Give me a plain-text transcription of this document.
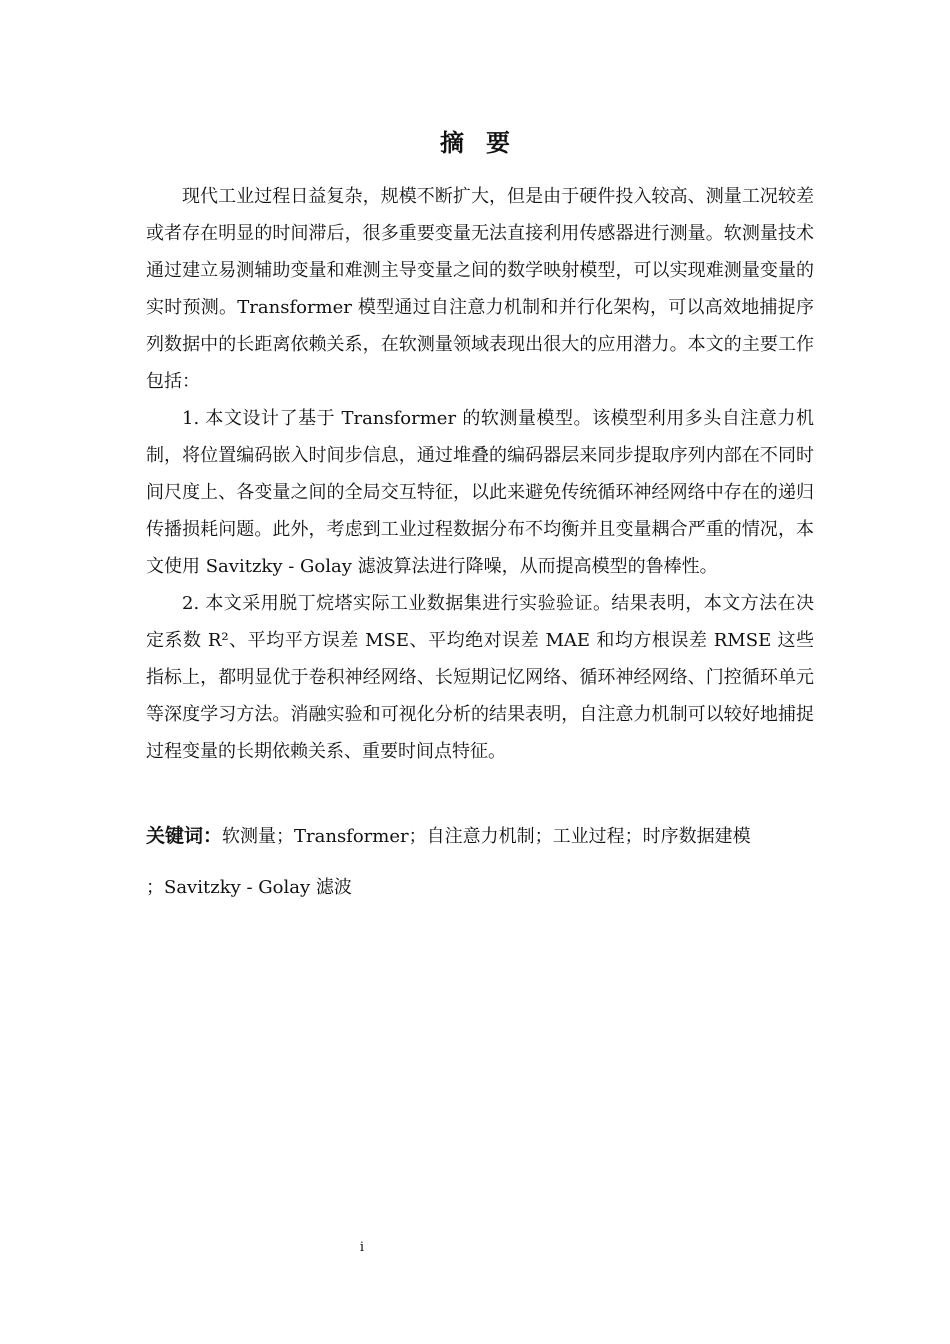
摘 要

现代工业过程日益复杂，规模不断扩大，但是由于硬件投入较高、测量工况较差或者存在明显的时间滞后，很多重要变量无法直接利用传感器进行测量。软测量技术通过建立易测辅助变量和难测主导变量之间的数学映射模型，可以实现难测量变量的实时预测。Transformer 模型通过自注意力机制和并行化架构，可以高效地捕捉序列数据中的长距离依赖关系，在软测量领域表现出很大的应用潜力。本文的主要工作包括：

1. 本文设计了基于 Transformer 的软测量模型。该模型利用多头自注意力机制，将位置编码嵌入时间步信息，通过堆叠的编码器层来同步提取序列内部在不同时间尺度上、各变量之间的全局交互特征，以此来避免传统循环神经网络中存在的递归传播损耗问题。此外，考虑到工业过程数据分布不均衡并且变量耦合严重的情况，本文使用 Savitzky - Golay 滤波算法进行降噪，从而提高模型的鲁棒性。

2. 本文采用脱丁烷塔实际工业数据集进行实验验证。结果表明，本文方法在决定系数 R²、平均平方误差 MSE、平均绝对误差 MAE 和均方根误差 RMSE 这些指标上，都明显优于卷积神经网络、长短期记忆网络、循环神经网络、门控循环单元等深度学习方法。消融实验和可视化分析的结果表明，自注意力机制可以较好地捕捉过程变量的长期依赖关系、重要时间点特征。

关键词：软测量；Transformer；自注意力机制；工业过程；时序数据建模
；Savitzky - Golay 滤波
i
